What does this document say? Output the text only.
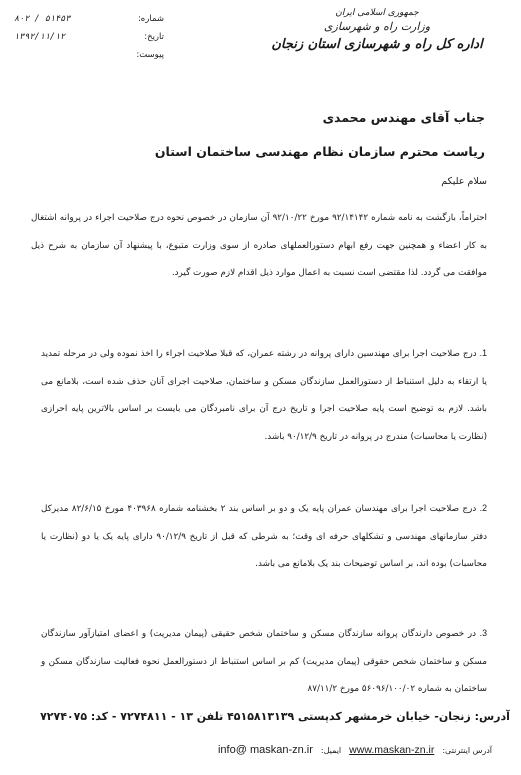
جمهوری اسلامی ایران
وزارت راه و شهرسازی
اداره کل راه و شهرسازی استان زنجان
شماره:
۵۱۴۵۳ / ۸۰۲
تاریخ:
۱۳۹۲/۱۱/۱۲
پیوست:
جناب آقای مهندس محمدی
ریاست محترم سازمان نظام مهندسی ساختمان استان
سلام علیکم
احتراماً، بازگشت به نامه شماره ۹۲/۱۴۱۴۲ مورخ ۹۲/۱۰/۲۲ آن سازمان در خصوص نحوه درج صلاحیت اجراء در پروانه اشتغال به کار اعضاء و همچنین جهت رفع ابهام دستورالعملهای صادره از سوی وزارت متبوع، با پیشنهاد آن سازمان به شرح ذیل موافقت می گردد. لذا مقتضی است نسبت به اعمال موارد ذیل اقدام لازم صورت گیرد.
1. درج صلاحیت اجرا برای مهندسین دارای پروانه در رشته عمران، که قبلا صلاحیت اجراء را اخذ نموده ولی در مرحله تمدید یا ارتقاء به دلیل استنباط از دستورالعمل سازندگان مسکن و ساختمان، صلاحیت اجرای آنان حذف شده است، بلامانع می باشد. لازم به توضیح است پایه صلاحیت اجرا و تاریخ درج آن برای نامبردگان می بایست بر اساس بالاترین پایه احرازی (نظارت یا محاسبات) مندرج در پروانه در تاریخ ۹۰/۱۲/۹ باشد.
2. درج صلاحیت اجرا برای مهندسان عمران پایه یک و دو بر اساس بند ۲ بخشنامه شماره ۴۰۳۹۶۸ مورخ ۸۲/۶/۱۵ مدیرکل دفتر سازمانهای مهندسی و تشکلهای حرفه ای وقت؛ به شرطی که قبل از تاریخ ۹۰/۱۲/۹ دارای پایه یک یا دو (نظارت یا محاسبات) بوده اند، بر اساس توضیحات بند یک بلامانع می باشد.
3. در خصوص دارندگان پروانه سازندگان مسکن و ساختمان شخص حقیقی (پیمان مدیریت) و اعضای امتیازآور سازندگان مسکن و ساختمان شخص حقوقی (پیمان مدیریت) کم بر اساس استنباط از دستورالعمل نحوه فعالیت سازندگان مسکن و ساختمان به شماره ۵۶۰۹۶/۱۰۰/۰۲ مورخ ۸۷/۱۱/۲
آدرس: زنجان- خیابان خرمشهر کدپستی ۴۵۱۵۸۱۳۱۳۹ تلفن ۱۳ - ۷۲۷۴۸۱۱ - کد: ۷۲۷۴۰۷۵
آدرس اینترنتی:
www.maskan-zn.ir
ایمیل:
info@ maskan-zn.ir
